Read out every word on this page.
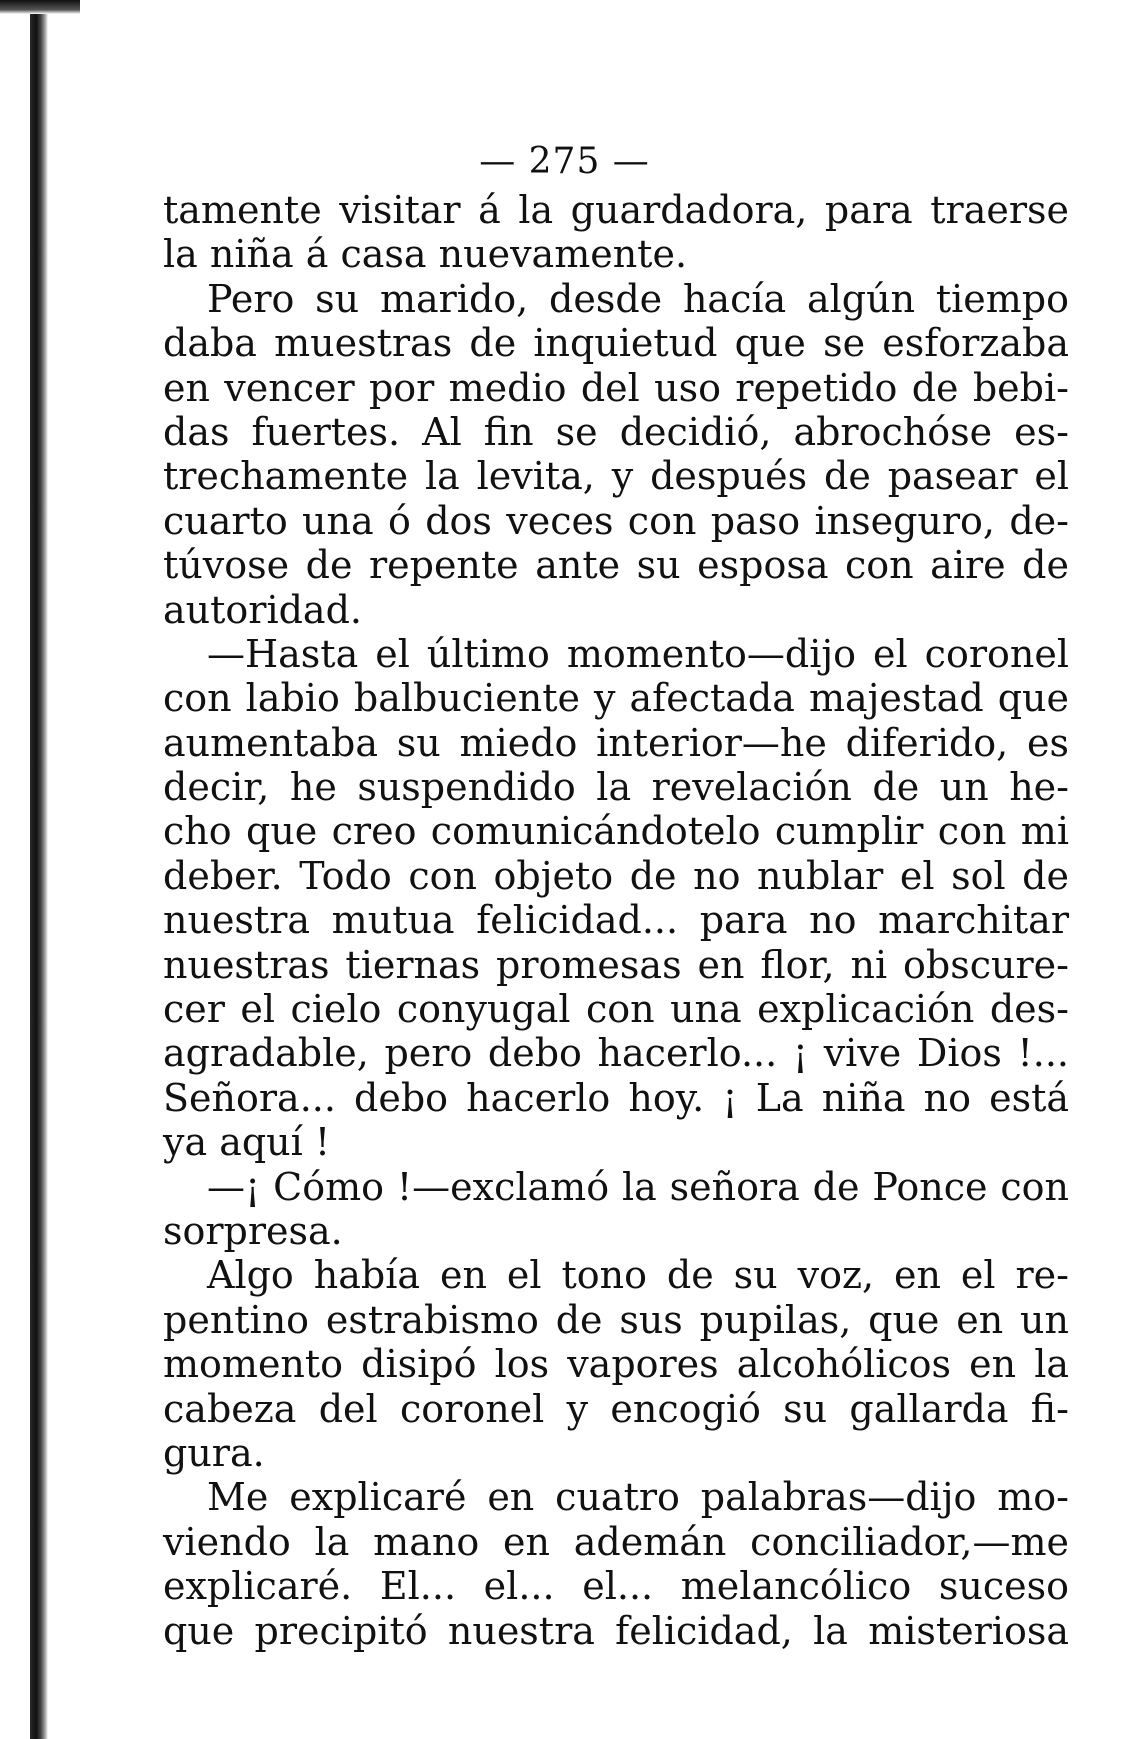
— 275 —
tamente visitar á la guardadora, para traerse
la niña á casa nuevamente.
Pero su marido, desde hacía algún tiempo
daba muestras de inquietud que se esforzaba
en vencer por medio del uso repetido de bebi-
das fuertes. Al fin se decidió, abrochóse es-
trechamente la levita, y después de pasear el
cuarto una ó dos veces con paso inseguro, de-
túvose de repente ante su esposa con aire de
autoridad.
—Hasta el último momento—dijo el coronel
con labio balbuciente y afectada majestad que
aumentaba su miedo interior—he diferido, es
decir, he suspendido la revelación de un he-
cho que creo comunicándotelo cumplir con mi
deber. Todo con objeto de no nublar el sol de
nuestra mutua felicidad... para no marchitar
nuestras tiernas promesas en flor, ni obscure-
cer el cielo conyugal con una explicación des-
agradable, pero debo hacerlo... ¡ vive Dios !...
Señora... debo hacerlo hoy. ¡ La niña no está
ya aquí !
—¡ Cómo !—exclamó la señora de Ponce con
sorpresa.
Algo había en el tono de su voz, en el re-
pentino estrabismo de sus pupilas, que en un
momento disipó los vapores alcohólicos en la
cabeza del coronel y encogió su gallarda fi-
gura.
Me explicaré en cuatro palabras—dijo mo-
viendo la mano en ademán conciliador,—me
explicaré. El... el... el... melancólico suceso
que precipitó nuestra felicidad, la misteriosa
